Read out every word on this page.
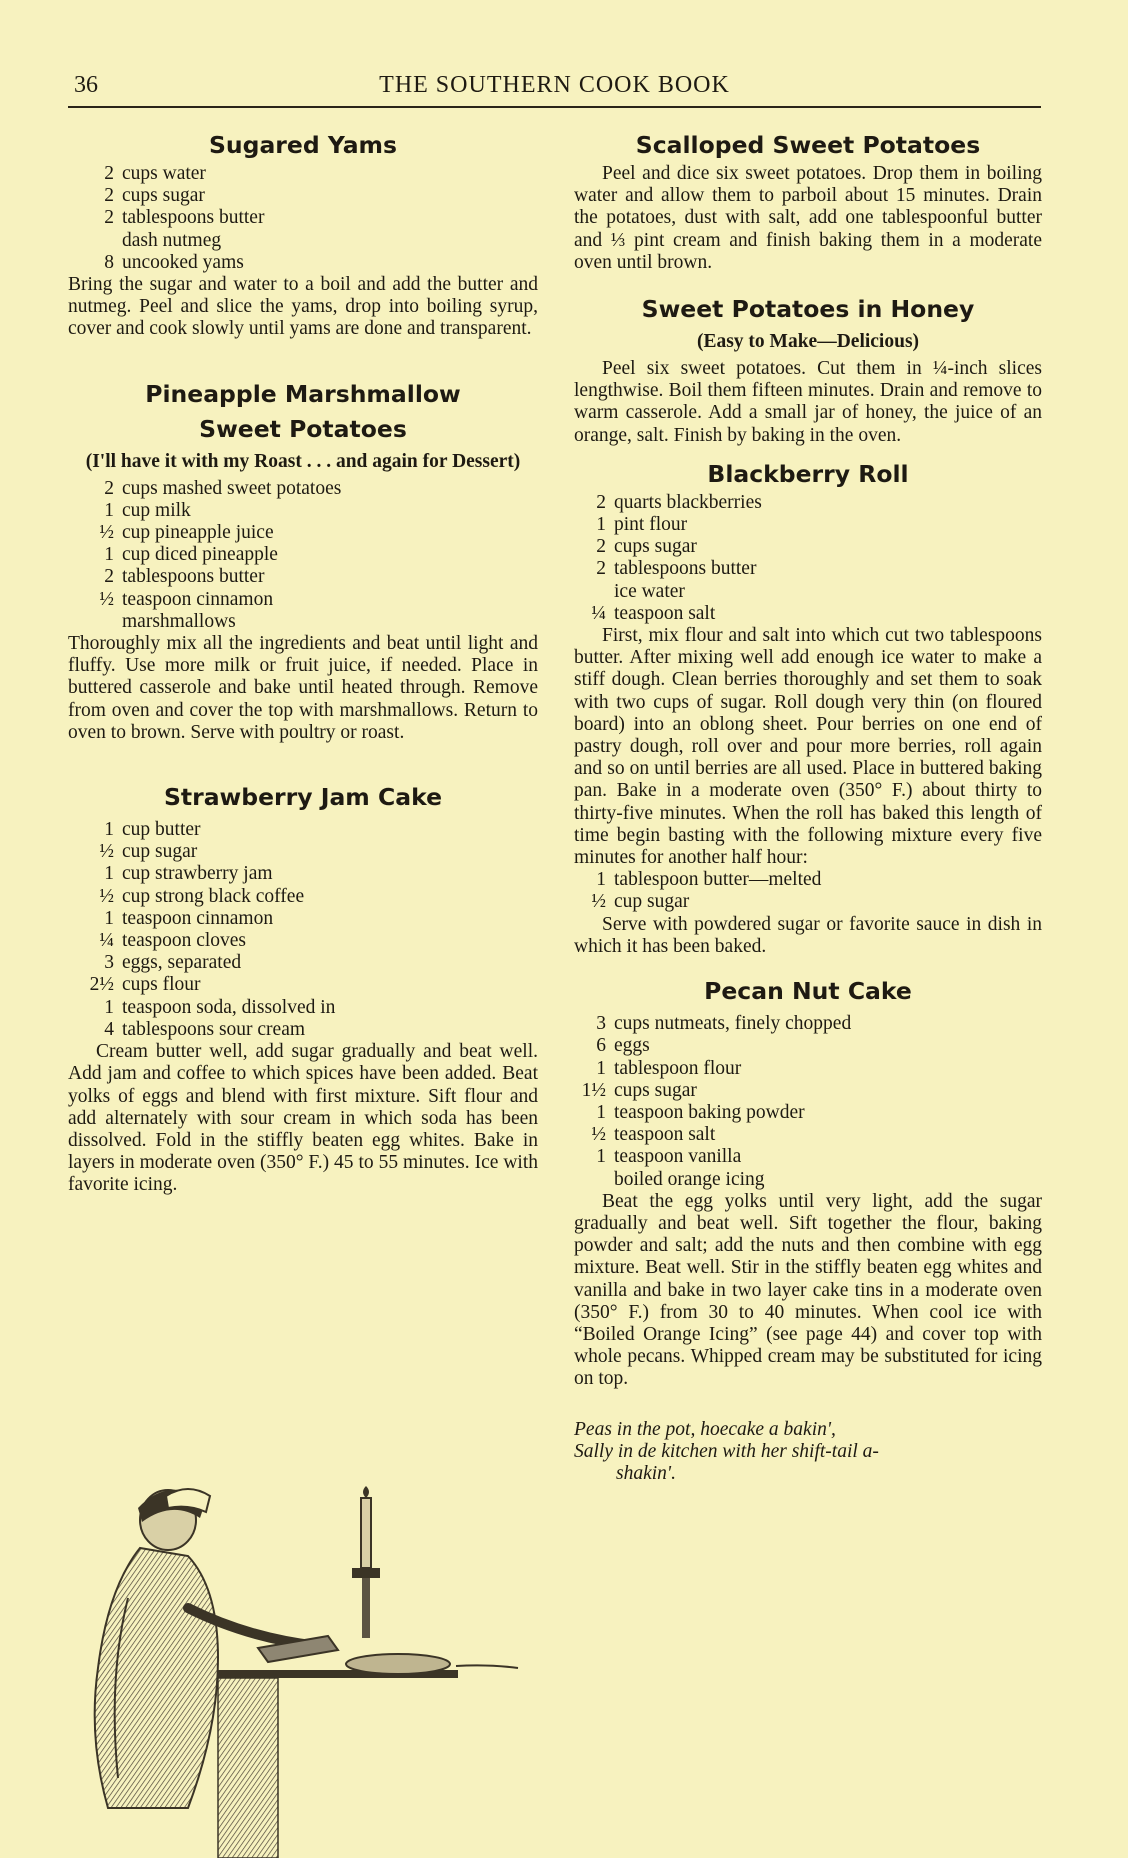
36	THE SOUTHERN COOK BOOK
Sugared Yams
2 cups water
2 cups sugar
2 tablespoons butter
dash nutmeg
8 uncooked yams

Bring the sugar and water to a boil and add the butter and nutmeg. Peel and slice the yams, drop into boiling syrup, cover and cook slowly until yams are done and transparent.

Pineapple Marshmallow Sweet Potatoes
(I'll have it with my Roast . . . and again for Dessert)
2 cups mashed sweet potatoes
1 cup milk
½ cup pineapple juice
1 cup diced pineapple
2 tablespoons butter
½ teaspoon cinnamon
marshmallows

Thoroughly mix all the ingredients and beat until light and fluffy. Use more milk or fruit juice, if needed. Place in buttered casserole and bake until heated through. Remove from oven and cover the top with marshmallows. Return to oven to brown. Serve with poultry or roast.

Strawberry Jam Cake
1 cup butter
½ cup sugar
1 cup strawberry jam
½ cup strong black coffee
1 teaspoon cinnamon
¼ teaspoon cloves
3 eggs, separated
2½ cups flour
1 teaspoon soda, dissolved in
4 tablespoons sour cream

Cream butter well, add sugar gradually and beat well. Add jam and coffee to which spices have been added. Beat yolks of eggs and blend with first mixture. Sift flour and add alternately with sour cream in which soda has been dissolved. Fold in the stiffly beaten egg whites. Bake in layers in moderate oven (350° F.) 45 to 55 minutes. Ice with favorite icing.

Scalloped Sweet Potatoes

Peel and dice six sweet potatoes. Drop them in boiling water and allow them to parboil about 15 minutes. Drain the potatoes, dust with salt, add one tablespoonful butter and ⅓ pint cream and finish baking them in a moderate oven until brown.

Sweet Potatoes in Honey
(Easy to Make—Delicious)

Peel six sweet potatoes. Cut them in ¼-inch slices lengthwise. Boil them fifteen minutes. Drain and remove to warm casserole. Add a small jar of honey, the juice of an orange, salt. Finish by baking in the oven.

Blackberry Roll
2 quarts blackberries
1 pint flour
2 cups sugar
2 tablespoons butter
ice water
¼ teaspoon salt

First, mix flour and salt into which cut two tablespoons butter. After mixing well add enough ice water to make a stiff dough. Clean berries thoroughly and set them to soak with two cups of sugar. Roll dough very thin (on floured board) into an oblong sheet. Pour berries on one end of pastry dough, roll over and pour more berries, roll again and so on until berries are all used. Place in buttered baking pan. Bake in a moderate oven (350° F.) about thirty to thirty-five minutes. When the roll has baked this length of time begin basting with the following mixture every five minutes for another half hour:

1 tablespoon butter—melted
½ cup sugar

Serve with powdered sugar or favorite sauce in dish in which it has been baked.

Pecan Nut Cake
3 cups nutmeats, finely chopped
6 eggs
1 tablespoon flour
1½ cups sugar
1 teaspoon baking powder
½ teaspoon salt
1 teaspoon vanilla
boiled orange icing

Beat the egg yolks until very light, add the sugar gradually and beat well. Sift together the flour, baking powder and salt; add the nuts and then combine with egg mixture. Beat well. Stir in the stiffly beaten egg whites and vanilla and bake in two layer cake tins in a moderate oven (350° F.) from 30 to 40 minutes. When cool ice with “Boiled Orange Icing” (see page 44) and cover top with whole pecans. Whipped cream may be substituted for icing on top.

Peas in the pot, hoecake a bakin',

Sally in de kitchen with her shift-tail a-

shakin'.
